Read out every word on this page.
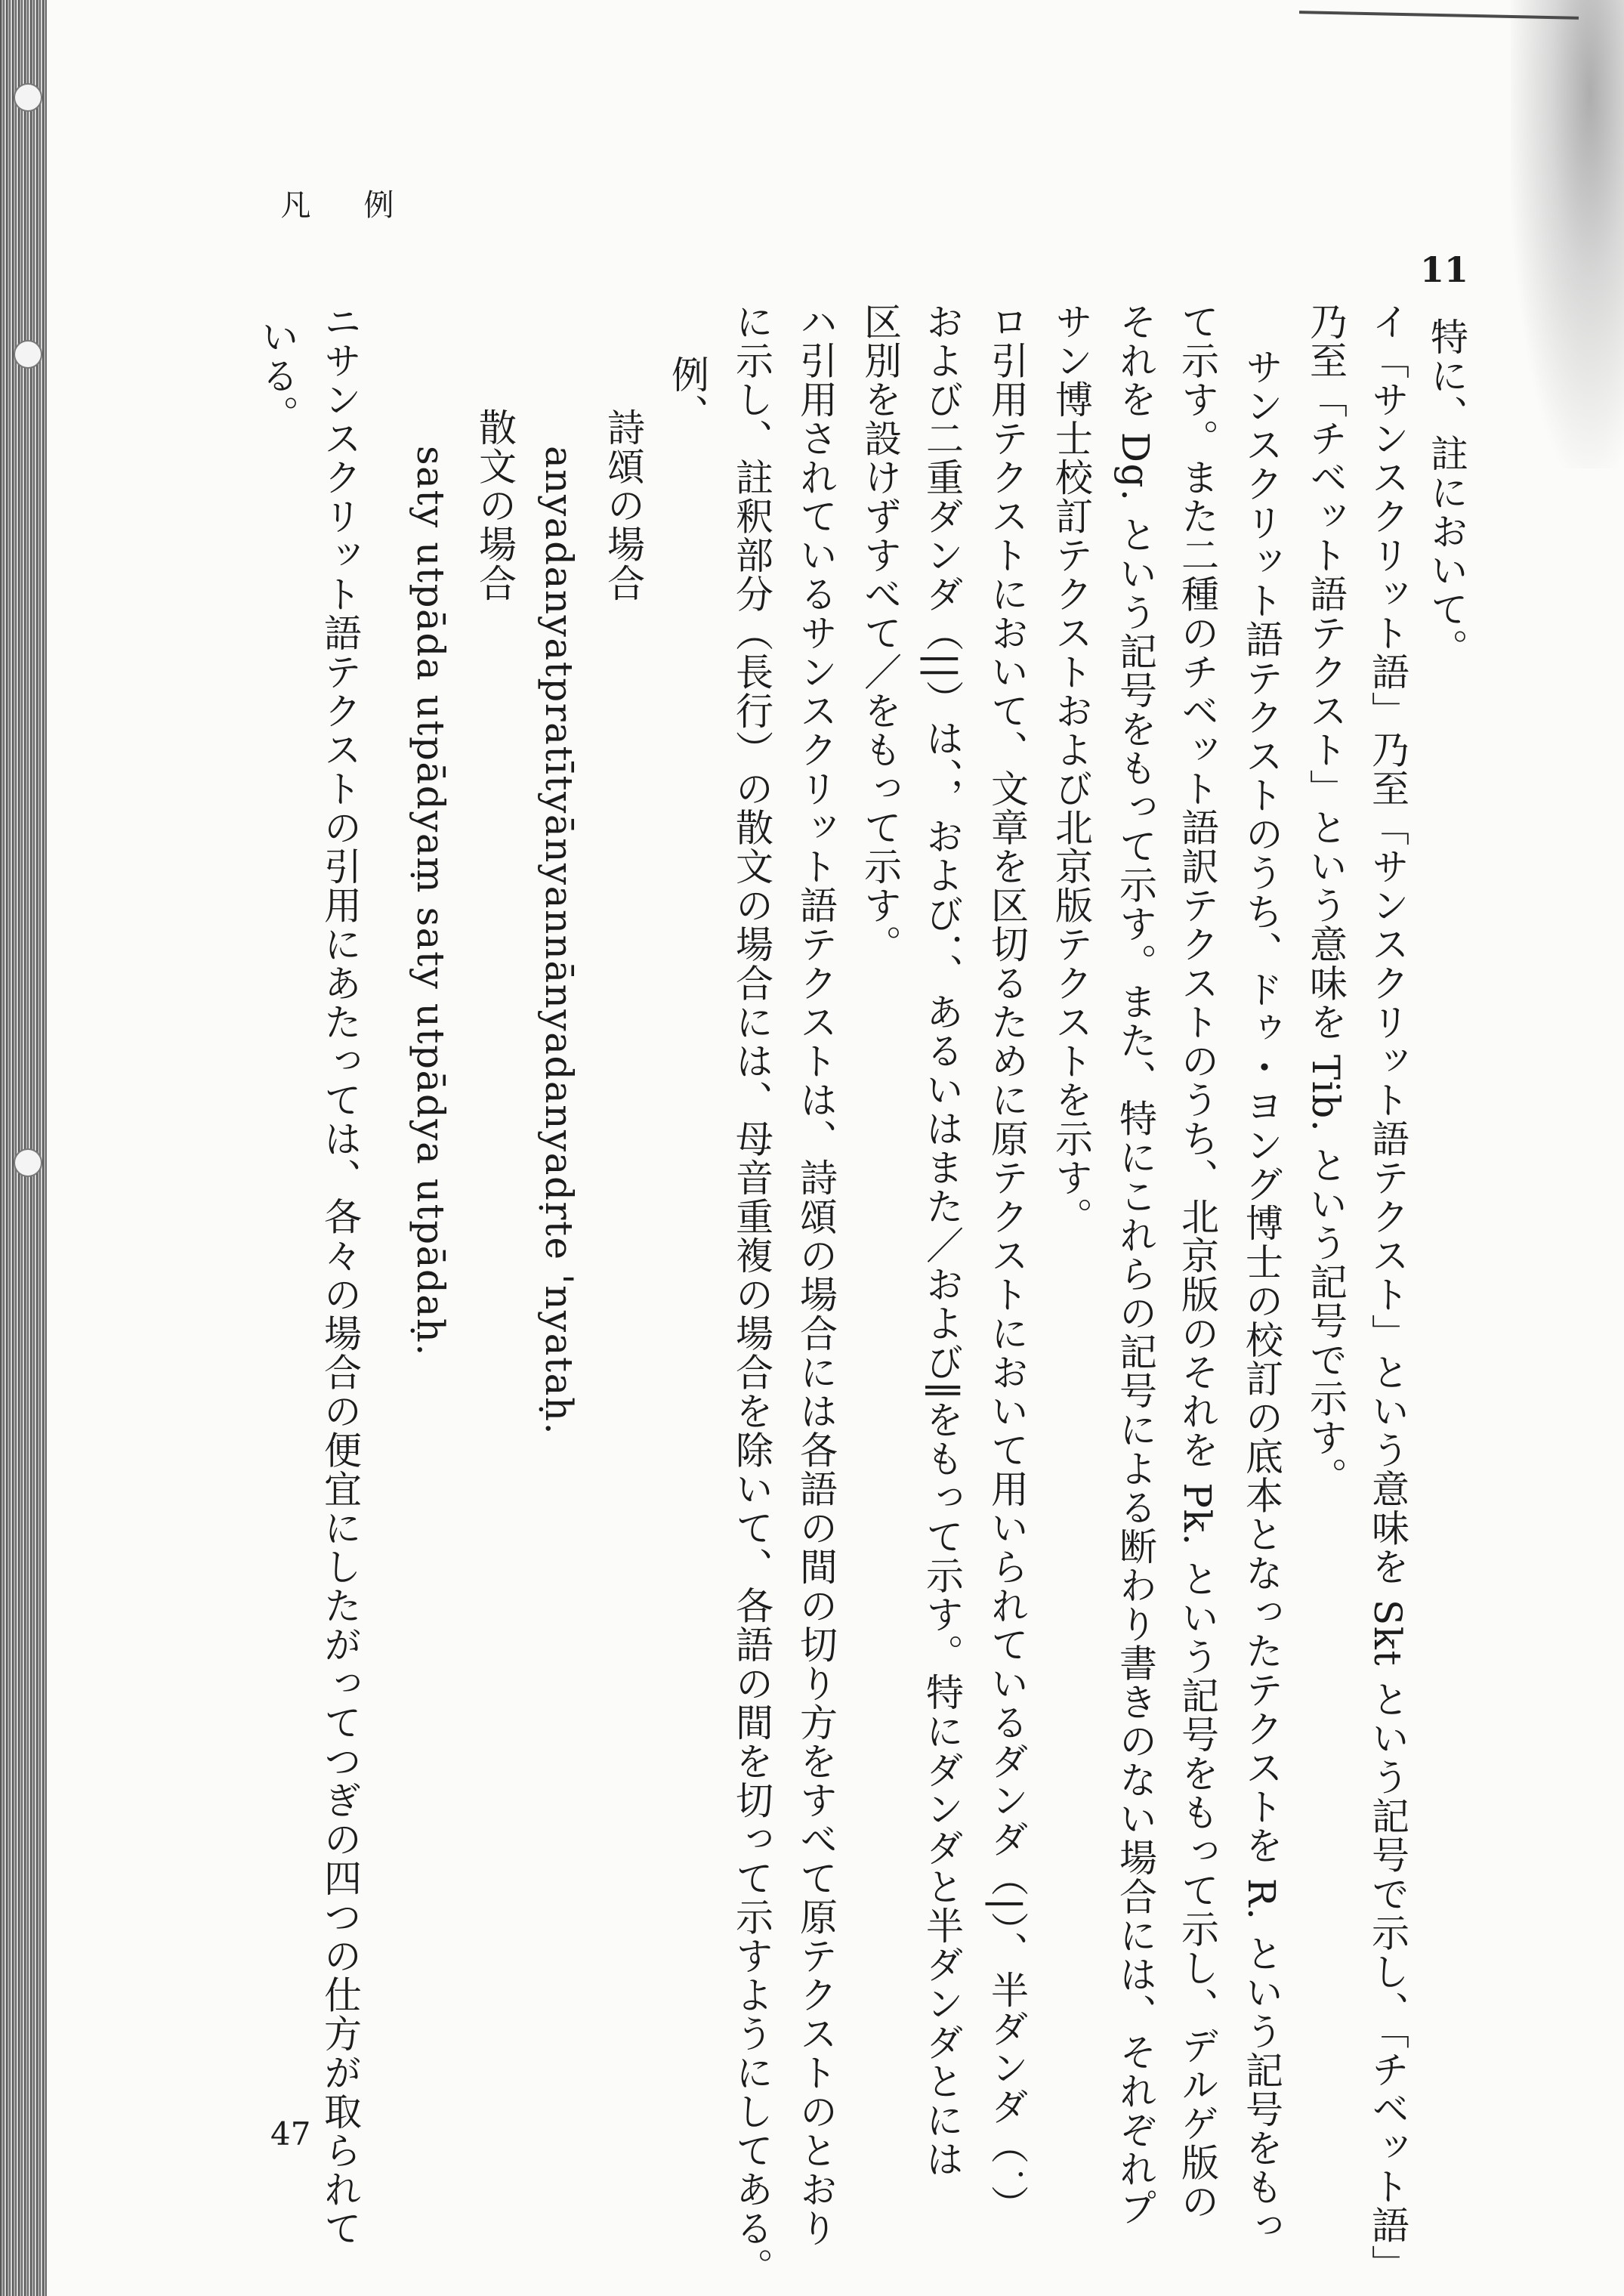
凡 例
11
特に、註において。
イ「サンスクリット語」乃至「サンスクリット語テクスト」という意味を Skt という記号で示し、「チベット語」
乃至「チベット語テクスト」という意味を Tib. という記号で示す。
サンスクリット語テクストのうち、ドゥ・ヨング博士の校訂の底本となったテクストを R. という記号をもっ
て示す。また二種のチベット語訳テクストのうち、北京版のそれを Pk. という記号をもって示し、デルゲ版の
それを Dg. という記号をもって示す。また、特にこれらの記号による断わり書きのない場合には、それぞれプ
サン博士校訂テクストおよび北京版テクストを示す。
ロ引用テクストにおいて、文章を区切るために原テクストにおいて用いられているダンダ（|）、半ダンダ（˙）
および二重ダンダ（||）は、，および．、あるいはまた／および∥をもって示す。特にダンダと半ダンダとには
区別を設けずすべて／をもって示す。
ハ引用されているサンスクリット語テクストは、詩頌の場合には各語の間の切り方をすべて原テクストのとおり
に示し、註釈部分（長行）の散文の場合には、母音重複の場合を除いて、各語の間を切って示すようにしてある。
例、
詩頌の場合
anyadanyatpratītyānyannānyadanyadṛte 'nyataḥ.
散文の場合
saty utpāda utpādyaṃ saty utpādya utpādaḥ.
ニサンスクリット語テクストの引用にあたっては、各々の場合の便宜にしたがってつぎの四つの仕方が取られて
いる。
47
